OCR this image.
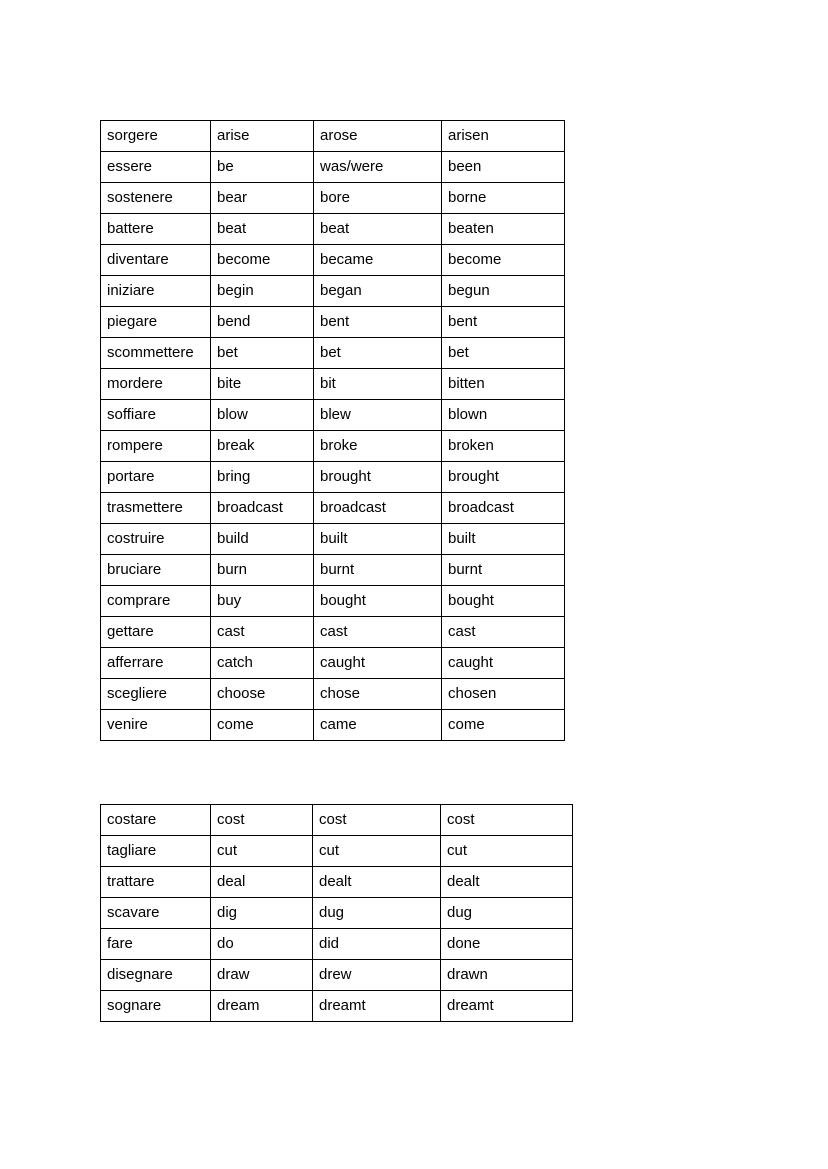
sorgere	arise	arose	arisen
essere	be	was/were	been
sostenere	bear	bore	borne
battere	beat	beat	beaten
diventare	become	became	become
iniziare	begin	began	begun
piegare	bend	bent	bent
scommettere	bet	bet	bet
mordere	bite	bit	bitten
soffiare	blow	blew	blown
rompere	break	broke	broken
portare	bring	brought	brought
trasmettere	broadcast	broadcast	broadcast
costruire	build	built	built
bruciare	burn	burnt	burnt
comprare	buy	bought	bought
gettare	cast	cast	cast
afferrare	catch	caught	caught
scegliere	choose	chose	chosen
venire	come	came	come
costare	cost	cost	cost
tagliare	cut	cut	cut
trattare	deal	dealt	dealt
scavare	dig	dug	dug
fare	do	did	done
disegnare	draw	drew	drawn
sognare	dream	dreamt	dreamt
